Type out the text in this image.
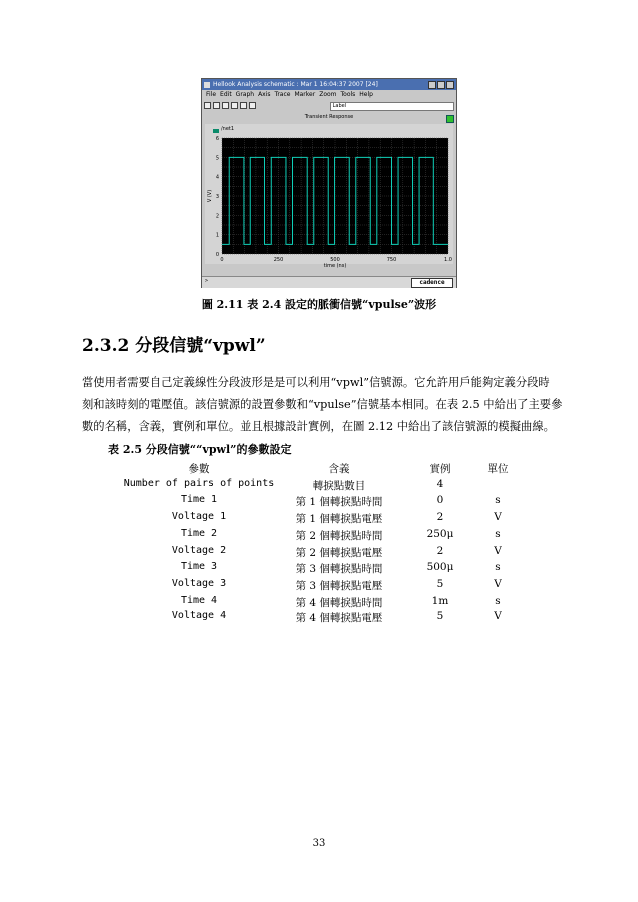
Hellook Analysis schematic : Mar 1 16:04:37 2007 [24]
File Edit Graph Axis Trace Marker Zoom Tools Help
Label
Transient Response
/net1
0
1
2
3
4
5
6
0	250	500	750	1.0
time (ns)
V (V)
>	cadence
圖 2.11 表 2.4 設定的脈衝信號“vpulse”波形
2.3.2 分段信號“vpwl”
當使用者需要自己定義線性分段波形是是可以利用“vpwl”信號源。它允許用戶能夠定義分段時
刻和該時刻的電壓值。該信號源的設置參數和“vpulse”信號基本相同。在表 2.5 中給出了主要參
數的名稱，含義，實例和單位。並且根據設計實例，在圖 2.12 中給出了該信號源的模擬曲線。
表 2.5 分段信號““vpwl”的參數設定
參數	含義	實例	單位
Number of pairs of points	轉捩點數目	4
Time 1	第 1 個轉捩點時間	0	s
Voltage 1	第 1 個轉捩點電壓	2	V
Time 2	第 2 個轉捩點時間	250μ	s
Voltage 2	第 2 個轉捩點電壓	2	V
Time 3	第 3 個轉捩點時間	500μ	s
Voltage 3	第 3 個轉捩點電壓	5	V
Time 4	第 4 個轉捩點時間	1m	s
Voltage 4	第 4 個轉捩點電壓	5	V
33
